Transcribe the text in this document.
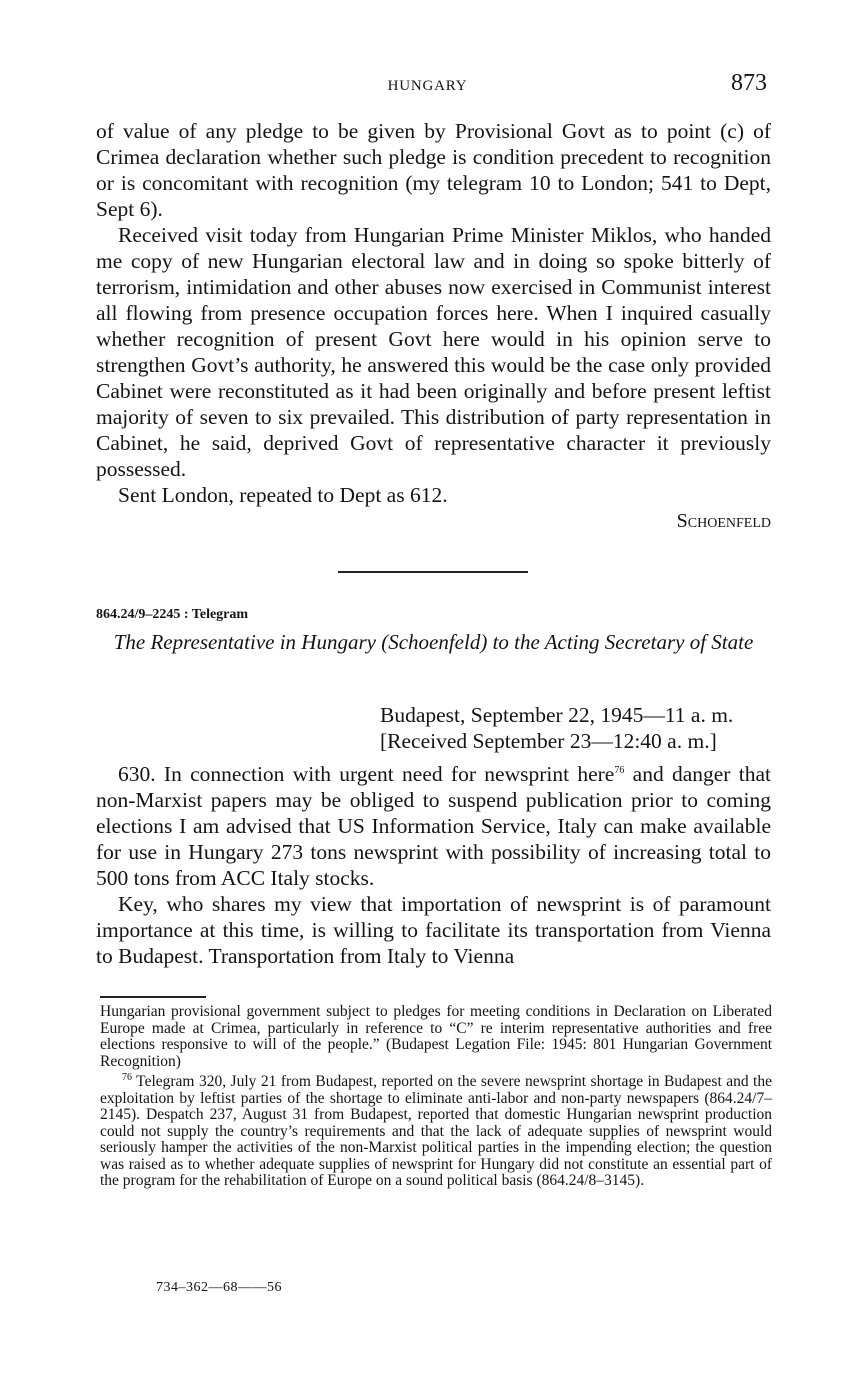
HUNGARY	873

of value of any pledge to be given by Provisional Govt as to point (c) of Crimea declaration whether such pledge is condition precedent to recognition or is concomitant with recognition (my telegram 10 to London; 541 to Dept, Sept 6).

Received visit today from Hungarian Prime Minister Miklos, who handed me copy of new Hungarian electoral law and in doing so spoke bitterly of terrorism, intimidation and other abuses now exercised in Communist interest all flowing from presence occupation forces here. When I inquired casually whether recognition of present Govt here would in his opinion serve to strengthen Govt’s authority, he answered this would be the case only provided Cabinet were reconstituted as it had been originally and before present leftist majority of seven to six prevailed. This distribution of party representation in Cabinet, he said, deprived Govt of representative character it previously possessed.

Sent London, repeated to Dept as 612.

Schoenfeld
864.24/9–2245 : Telegram
The Representative in Hungary (Schoenfeld) to the Acting Secretary of State
Budapest, September 22, 1945—11 a. m.
[Received September 23—12:40 a. m.]

630. In connection with urgent need for newsprint here$^{76}$ and danger that non-Marxist papers may be obliged to suspend publication prior to coming elections I am advised that US Information Service, Italy can make available for use in Hungary 273 tons newsprint with possibility of increasing total to 500 tons from ACC Italy stocks.

Key, who shares my view that importation of newsprint is of paramount importance at this time, is willing to facilitate its transportation from Vienna to Budapest. Transportation from Italy to Vienna

Hungarian provisional government subject to pledges for meeting conditions in Declaration on Liberated Europe made at Crimea, particularly in reference to “C” re interim representative authorities and free elections responsive to will of the people.” (Budapest Legation File: 1945: 801 Hungarian Government Recognition)

$^{76}$ Telegram 320, July 21 from Budapest, reported on the severe newsprint shortage in Budapest and the exploitation by leftist parties of the shortage to eliminate anti-labor and non-party newspapers (864.24/7–2145). Despatch 237, August 31 from Budapest, reported that domestic Hungarian newsprint production could not supply the country’s requirements and that the lack of adequate supplies of newsprint would seriously hamper the activities of the non-Marxist political parties in the impending election; the question was raised as to whether adequate supplies of newsprint for Hungary did not constitute an essential part of the program for the rehabilitation of Europe on a sound political basis (864.24/8–3145).

734–362—68——56
